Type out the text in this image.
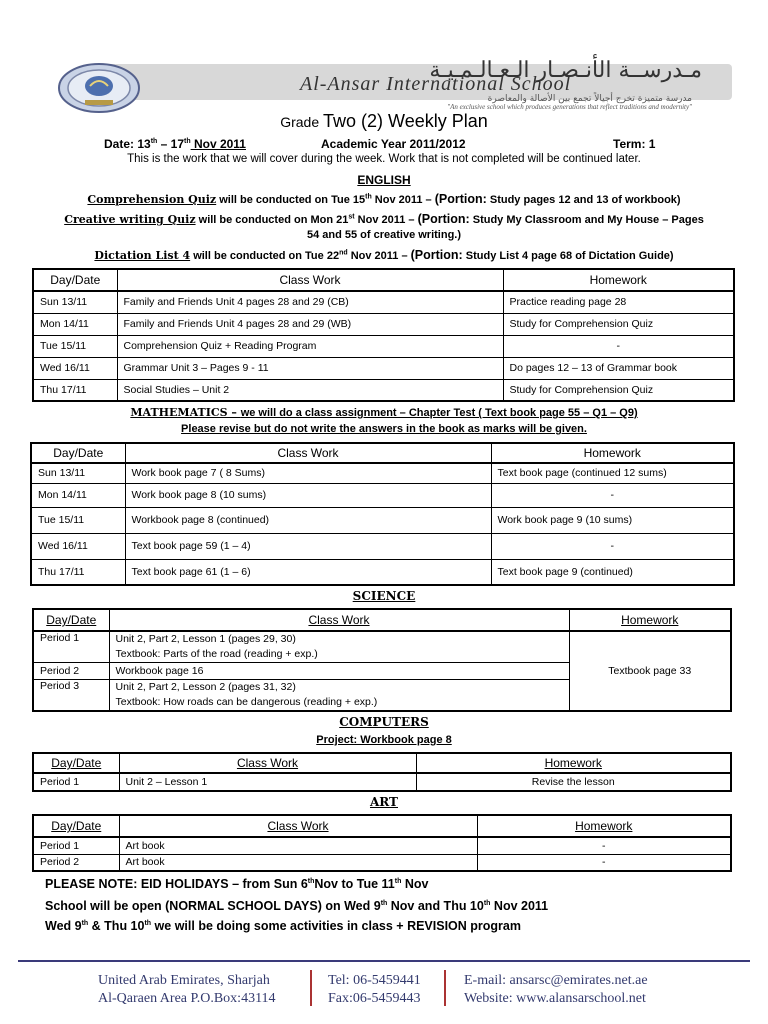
مـدرســة الأنـصـار الـعـالـمـيـة
Al-Ansar International School
مدرسة متميزة تخرج أجيالاً تجمع بين الأصالة والمعاصرة
"An exclusive school which produces generations that reflect traditions and modernity"
Grade Two (2) Weekly Plan
Date: 13th – 17th Nov 2011	Academic Year 2011/2012	Term: 1
This is the work that we will cover during the week. Work that is not completed will be continued later.
ENGLISH
Comprehension Quiz will be conducted on Tue 15th Nov 2011 – (Portion: Study pages 12 and 13 of workbook)
Creative writing Quiz will be conducted on Mon 21st Nov 2011 – (Portion: Study My Classroom and My House – Pages
54 and 55 of creative writing.)
Dictation List 4 will be conducted on Tue 22nd Nov 2011 – (Portion: Study List 4 page 68 of Dictation Guide)
Day/Date	Class Work	Homework
Sun 13/11	Family and Friends Unit 4 pages 28 and 29 (CB)	Practice reading page 28
Mon 14/11	Family and Friends Unit 4 pages 28 and 29 (WB)	Study for Comprehension Quiz
Tue 15/11	Comprehension Quiz + Reading Program	-
Wed 16/11	Grammar Unit 3 – Pages 9 - 11	Do pages 12 – 13 of Grammar book
Thu 17/11	Social Studies – Unit 2	Study for Comprehension Quiz
MATHEMATICS – we will do a class assignment – Chapter Test ( Text book page 55 – Q1 – Q9)
Please revise but do not write the answers in the book as marks will be given.
Day/Date	Class Work	Homework
Sun 13/11	Work book page 7 ( 8 Sums)	Text book page (continued 12 sums)
Mon 14/11	Work book page 8 (10 sums)	-
Tue 15/11	Workbook page 8 (continued)	Work book page 9 (10 sums)
Wed 16/11	Text book page 59 (1 – 4)	-
Thu 17/11	Text book page 61 (1 – 6)	Text book page 9 (continued)
SCIENCE
Day/Date	Class Work	Homework
Period 1	Unit 2, Part 2, Lesson 1 (pages 29, 30)
Textbook: Parts of the road (reading + exp.)	Textbook page 33
Period 2	Workbook page 16	
Period 3	Unit 2, Part 2, Lesson 2 (pages 31, 32)
Textbook: How roads can be dangerous (reading + exp.)	
COMPUTERS
Project: Workbook page 8
Day/Date	Class Work	Homework
Period 1	Unit 2 – Lesson 1	Revise the lesson
ART
Day/Date	Class Work	Homework
Period 1	Art book	-
Period 2	Art book	-
PLEASE NOTE: EID HOLIDAYS – from Sun 6thNov to Tue 11th Nov
School will be open (NORMAL SCHOOL DAYS) on Wed 9th Nov and Thu 10th Nov 2011
Wed 9th & Thu 10th we will be doing some activities in class + REVISION program
United Arab Emirates, Sharjah
Al-Qaraen Area P.O.Box:43114
Tel: 06-5459441
Fax:06-5459443
E-mail: ansarsc@emirates.net.ae
Website: www.alansarschool.net
